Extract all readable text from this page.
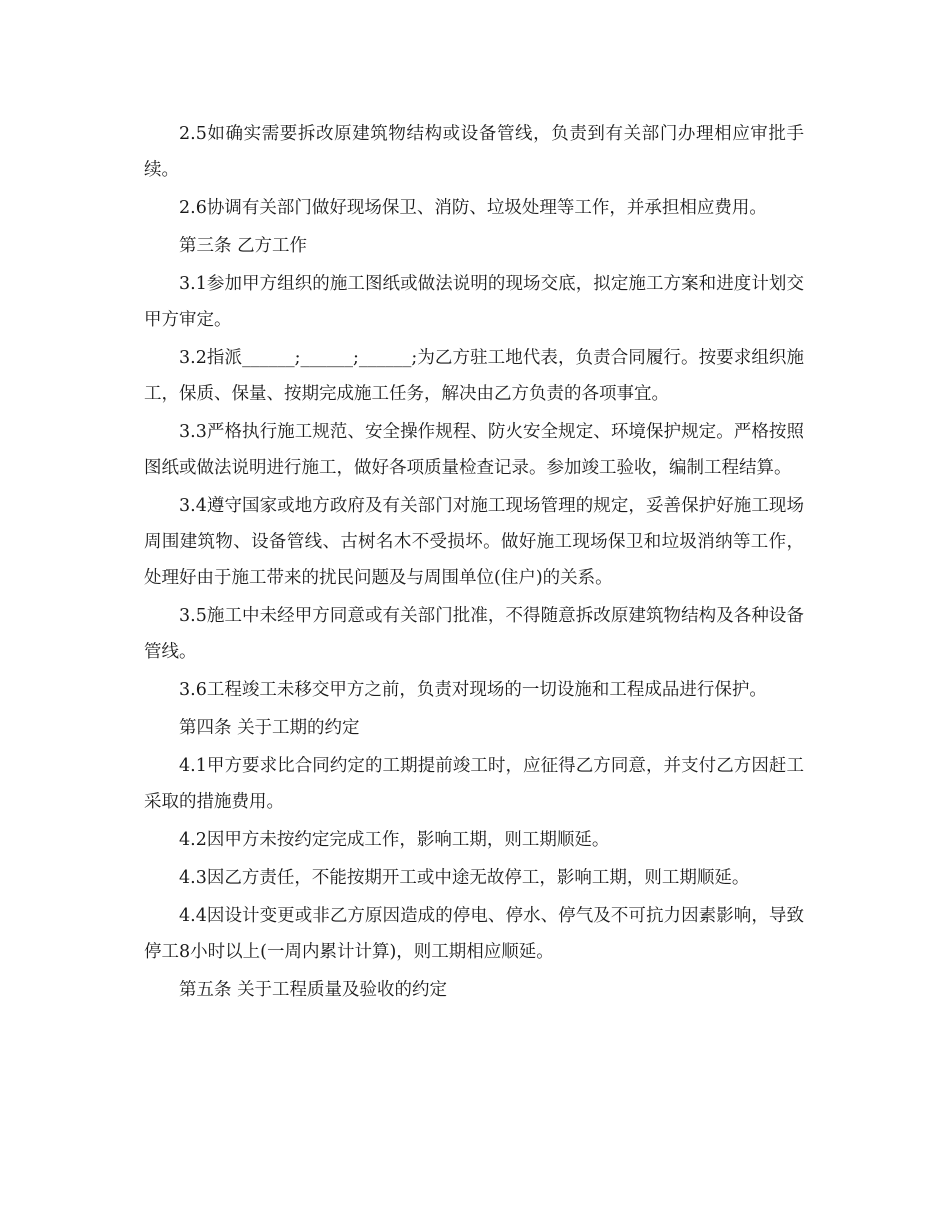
2.5如确实需要拆改原建筑物结构或设备管线，负责到有关部门办理相应审批手续。

2.6协调有关部门做好现场保卫、消防、垃圾处理等工作，并承担相应费用。

第三条 乙方工作

3.1参加甲方组织的施工图纸或做法说明的现场交底，拟定施工方案和进度计划交甲方审定。

3.2指派______;______;______;为乙方驻工地代表，负责合同履行。按要求组织施工，保质、保量、按期完成施工任务，解决由乙方负责的各项事宜。

3.3严格执行施工规范、安全操作规程、防火安全规定、环境保护规定。严格按照图纸或做法说明进行施工，做好各项质量检查记录。参加竣工验收，编制工程结算。

3.4遵守国家或地方政府及有关部门对施工现场管理的规定，妥善保护好施工现场周围建筑物、设备管线、古树名木不受损坏。做好施工现场保卫和垃圾消纳等工作，处理好由于施工带来的扰民问题及与周围单位(住户)的关系。

3.5施工中未经甲方同意或有关部门批准，不得随意拆改原建筑物结构及各种设备管线。

3.6工程竣工未移交甲方之前，负责对现场的一切设施和工程成品进行保护。

第四条 关于工期的约定

4.1甲方要求比合同约定的工期提前竣工时，应征得乙方同意，并支付乙方因赶工采取的措施费用。

4.2因甲方未按约定完成工作，影响工期，则工期顺延。

4.3因乙方责任，不能按期开工或中途无故停工，影响工期，则工期顺延。

4.4因设计变更或非乙方原因造成的停电、停水、停气及不可抗力因素影响，导致停工8小时以上(一周内累计计算)，则工期相应顺延。

第五条 关于工程质量及验收的约定
